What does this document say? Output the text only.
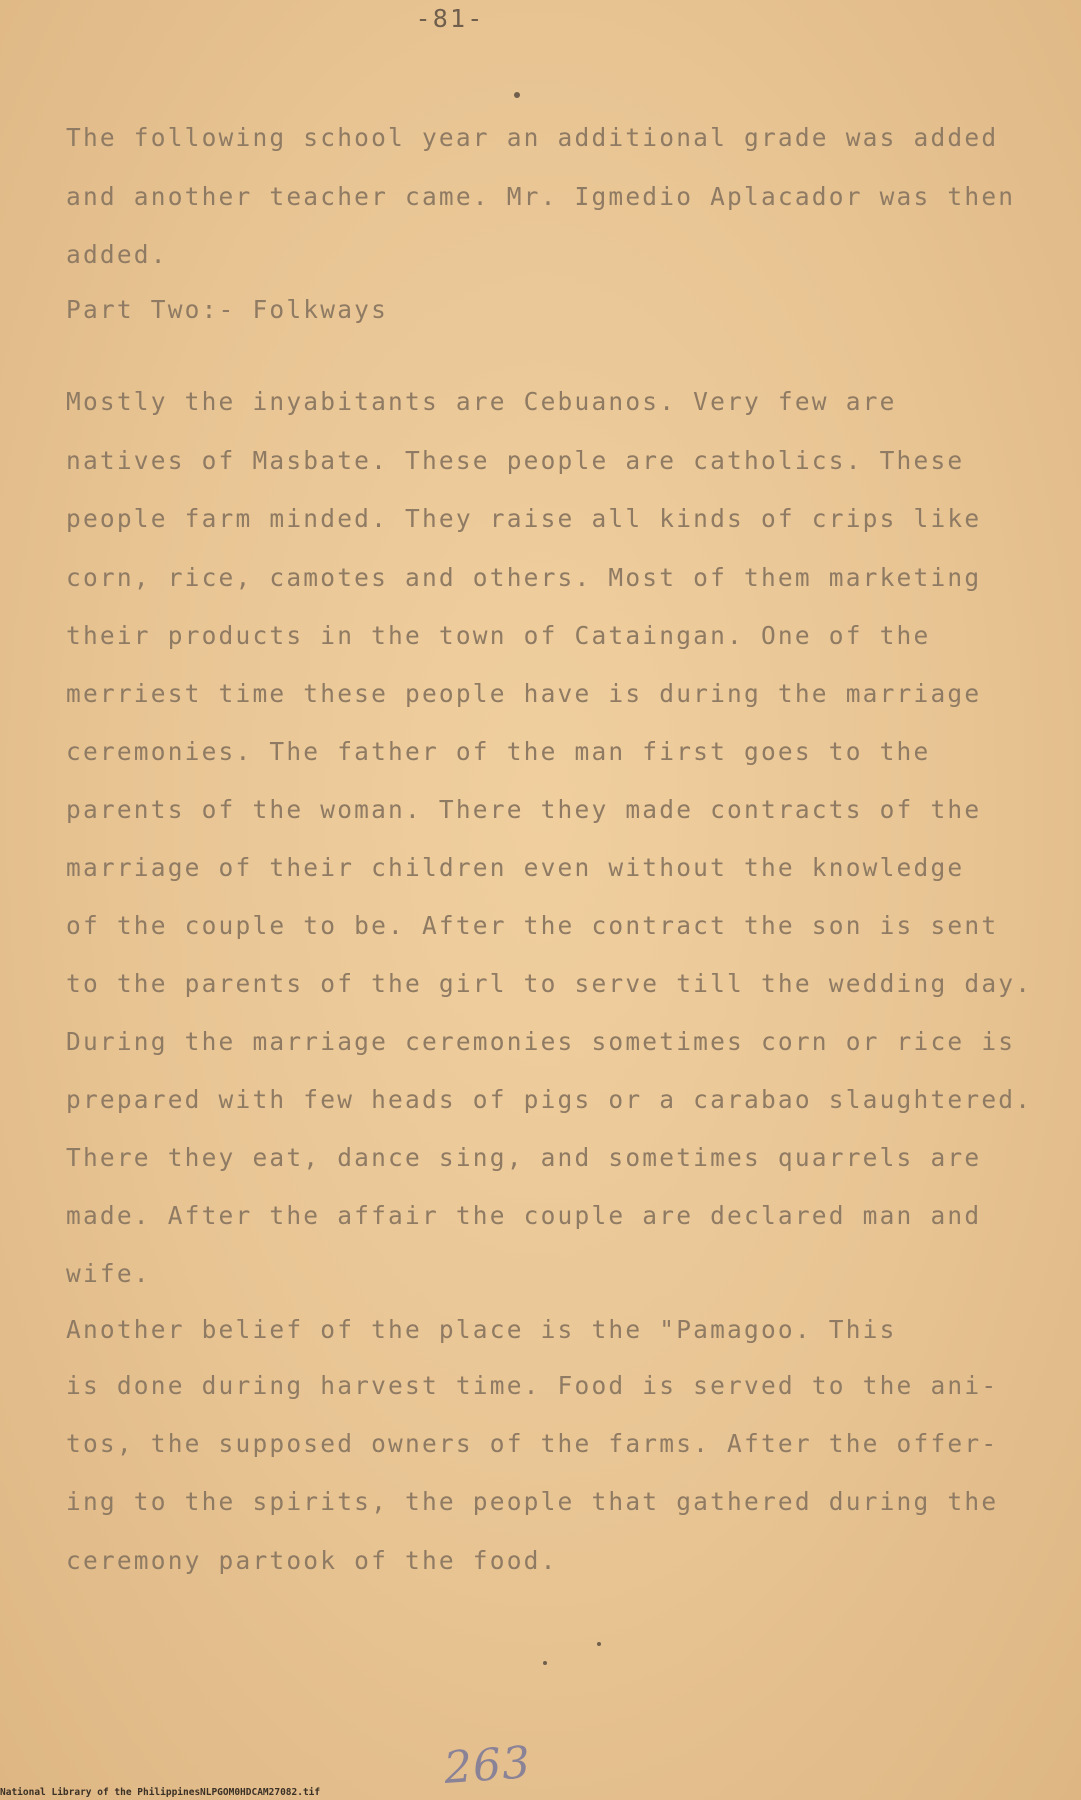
-81-

The following school year an additional grade was added

and another teacher came. Mr. Igmedio Aplacador was then

added.

Part Two:- Folkways

Mostly the inyabitants are Cebuanos. Very few are

natives of Masbate. These people are catholics. These

people farm minded. They raise all kinds of crips like

corn, rice, camotes and others. Most of them marketing

their products in the town of Cataingan. One of the

merriest time these people have is during the marriage

ceremonies. The father of the man first goes to the

parents of the woman. There they made contracts of the

marriage of their children even without the knowledge

of the couple to be. After the contract the son is sent

to the parents of the girl to serve till the wedding day.

During the marriage ceremonies sometimes corn or rice is

prepared with few heads of pigs or a carabao slaughtered.

There they eat, dance sing, and sometimes quarrels are

made. After the affair the couple are declared man and

wife.

Another belief of the place is the "Pamagoo. This

is done during harvest time. Food is served to the ani-

tos, the supposed owners of the farms. After the offer-

ing to the spirits, the people that gathered during the

ceremony partook of the food.

263

National Library of the Philippines NLPGOM0HDCAM27082.tif
